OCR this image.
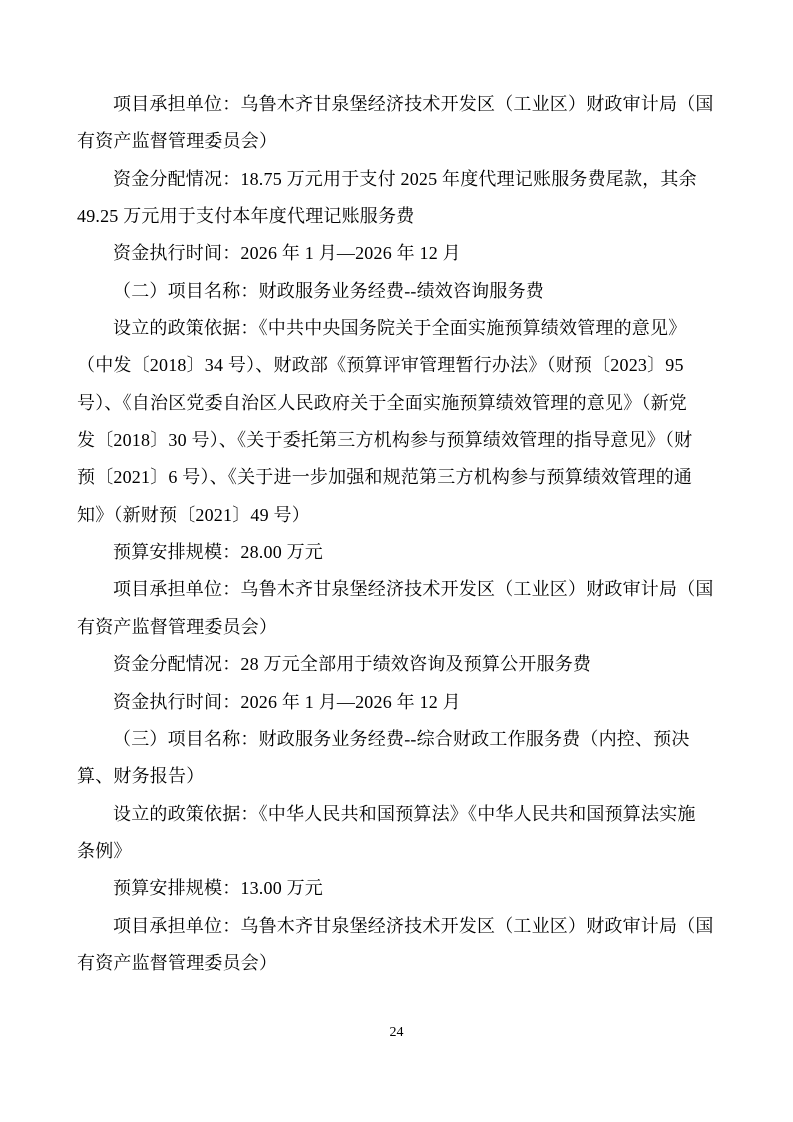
项目承担单位：乌鲁木齐甘泉堡经济技术开发区（工业区）财政审计局（国
有资产监督管理委员会）
资金分配情况：18.75 万元用于支付 2025 年度代理记账服务费尾款，其余
49.25 万元用于支付本年度代理记账服务费
资金执行时间：2026 年 1 月—2026 年 12 月
（二）项目名称：财政服务业务经费--绩效咨询服务费
设立的政策依据：《中共中央国务院关于全面实施预算绩效管理的意见》
（中发〔2018〕34 号）、财政部《预算评审管理暂行办法》（财预〔2023〕95
号）、《自治区党委自治区人民政府关于全面实施预算绩效管理的意见》（新党
发〔2018〕30 号）、《关于委托第三方机构参与预算绩效管理的指导意见》（财
预〔2021〕6 号）、《关于进一步加强和规范第三方机构参与预算绩效管理的通
知》（新财预〔2021〕49 号）
预算安排规模：28.00 万元
项目承担单位：乌鲁木齐甘泉堡经济技术开发区（工业区）财政审计局（国
有资产监督管理委员会）
资金分配情况：28 万元全部用于绩效咨询及预算公开服务费
资金执行时间：2026 年 1 月—2026 年 12 月
（三）项目名称：财政服务业务经费--综合财政工作服务费（内控、预决
算、财务报告）
设立的政策依据：《中华人民共和国预算法》《中华人民共和国预算法实施
条例》
预算安排规模：13.00 万元
项目承担单位：乌鲁木齐甘泉堡经济技术开发区（工业区）财政审计局（国
有资产监督管理委员会）
24
